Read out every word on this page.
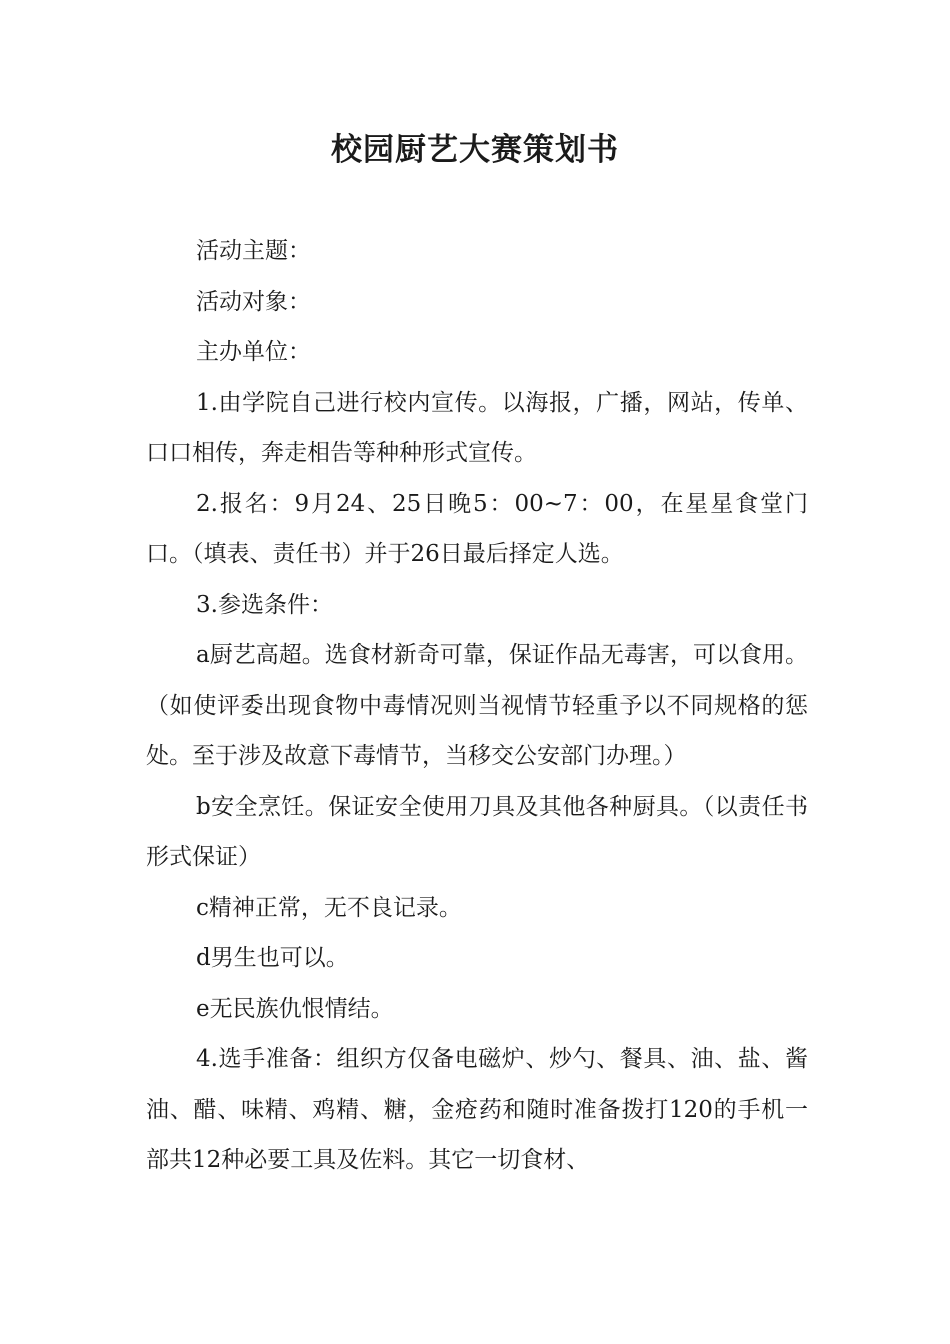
校园厨艺大赛策划书

活动主题：

活动对象：

主办单位：

1.由学院自己进行校内宣传。以海报，广播，网站，传单、口口相传，奔走相告等种种形式宣传。

2.报名：9月24、25日晚5：00~7：00，在星星食堂门口。（填表、责任书）并于26日最后择定人选。

3.参选条件：

a厨艺高超。选食材新奇可靠，保证作品无毒害，可以食用。（如使评委出现食物中毒情况则当视情节轻重予以不同规格的惩处。至于涉及故意下毒情节，当移交公安部门办理。）

b安全烹饪。保证安全使用刀具及其他各种厨具。（以责任书形式保证）

c精神正常，无不良记录。

d男生也可以。

e无民族仇恨情结。

4.选手准备：组织方仅备电磁炉、炒勺、餐具、油、盐、酱油、醋、味精、鸡精、糖，金疮药和随时准备拨打120的手机一部共12种必要工具及佐料。其它一切食材、
